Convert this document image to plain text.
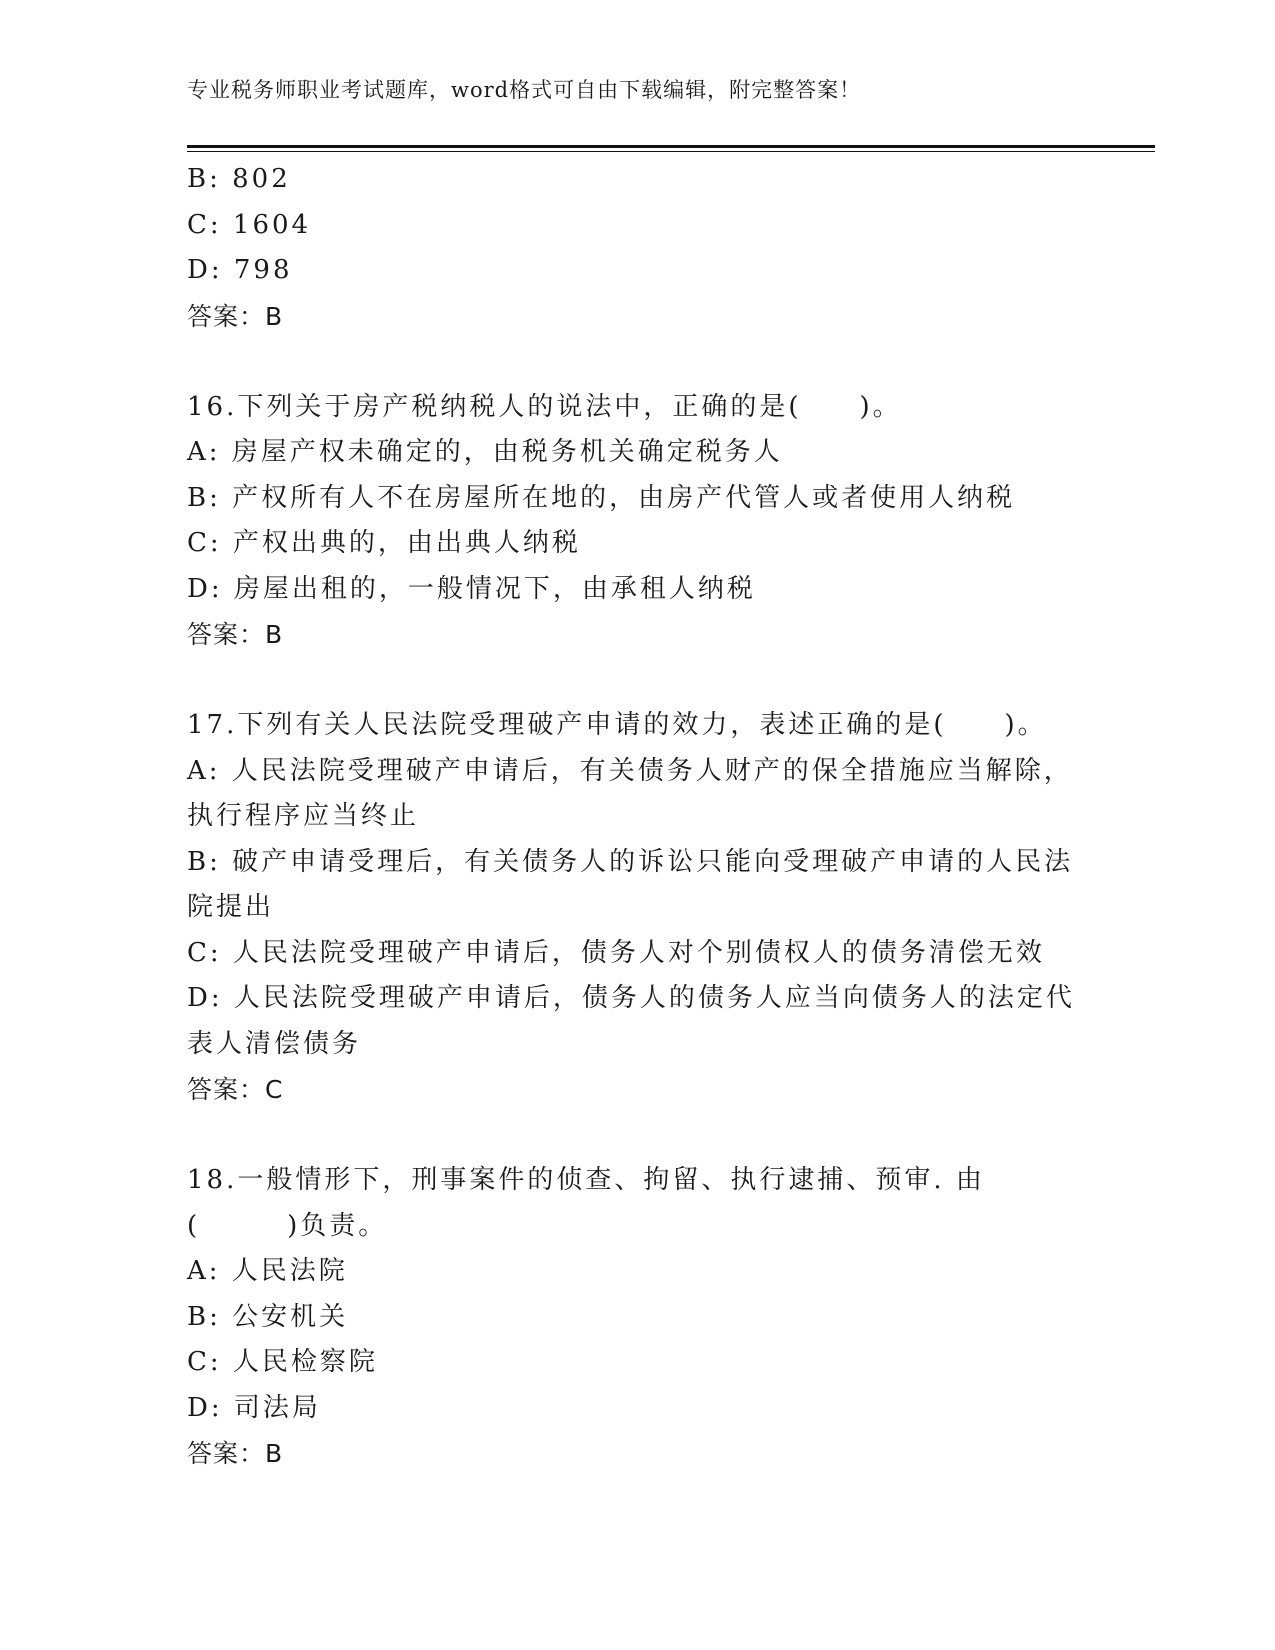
专业税务师职业考试题库，word格式可自由下载编辑，附完整答案！
B: 802
C: 1604
D: 798
答案：B
16.下列关于房产税纳税人的说法中，正确的是(　　)。
A: 房屋产权未确定的，由税务机关确定税务人
B: 产权所有人不在房屋所在地的，由房产代管人或者使用人纳税
C: 产权出典的，由出典人纳税
D: 房屋出租的，一般情况下，由承租人纳税
答案：B
17.下列有关人民法院受理破产申请的效力，表述正确的是(　　)。
A: 人民法院受理破产申请后，有关债务人财产的保全措施应当解除，
执行程序应当终止
B: 破产申请受理后，有关债务人的诉讼只能向受理破产申请的人民法
院提出
C: 人民法院受理破产申请后，债务人对个别债权人的债务清偿无效
D: 人民法院受理破产申请后，债务人的债务人应当向债务人的法定代
表人清偿债务
答案：C
18.一般情形下，刑事案件的侦查、拘留、执行逮捕、预审. 由
(　　　)负责。
A: 人民法院
B: 公安机关
C: 人民检察院
D: 司法局
答案：B
